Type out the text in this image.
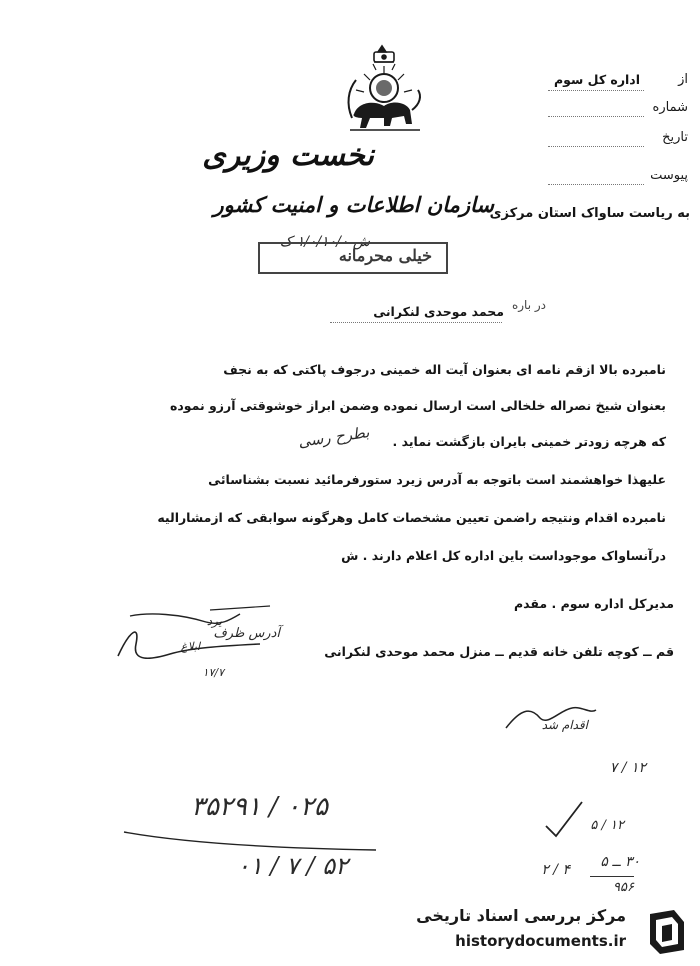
نخست وزیری
سازمان اطلاعات و امنیت کشور
از
اداره کل سوم
شماره
تاریخ
پیوست
به ریاست ساواک استان مرکزی
ش ۱/۰/۱۰/۰ ک
خیلی محرمانه
در باره
محمد موحدی لنکرانی
نامبرده بالا ازقم نامه ای بعنوان آیت اله خمینی درجوف پاکتی که به نجف
بعنوان شیخ نصراله خلخالی است ارسال نموده وضمن ابراز خوشوقتی آرزو نموده
که هرچه زودتر خمینی بایران بازگشت نماید .
بطرح رسی
علیهذا خواهشمند است باتوجه به آدرس زیرد ستورفرمائید نسبت بشناسائی
نامبرده اقدام ونتیجه راضمن تعیین مشخصات کامل وهرگونه سوابقی که ازمشارالیه
درآنساواک موجوداست باین اداره کل اعلام دارند . ش
مدیرکل اداره سوم . مقدم
قم ــ کوچه تلفن خانه قدیم ــ منزل محمد موحدی لنکرانی
آدرس ظرف
یرد
ابلاغ
۱۷/۷
اقدام شد
۱۲ / ۷
۰۲۵ / ۳۵۲۹۱
۵۲ / ۷ / ۰۱
۱۲ / ۵
۴ / ۲ ۳۰ ــ ۵
۹۵۶
مرکز بررسی اسناد تاریخی
historydocuments.ir
